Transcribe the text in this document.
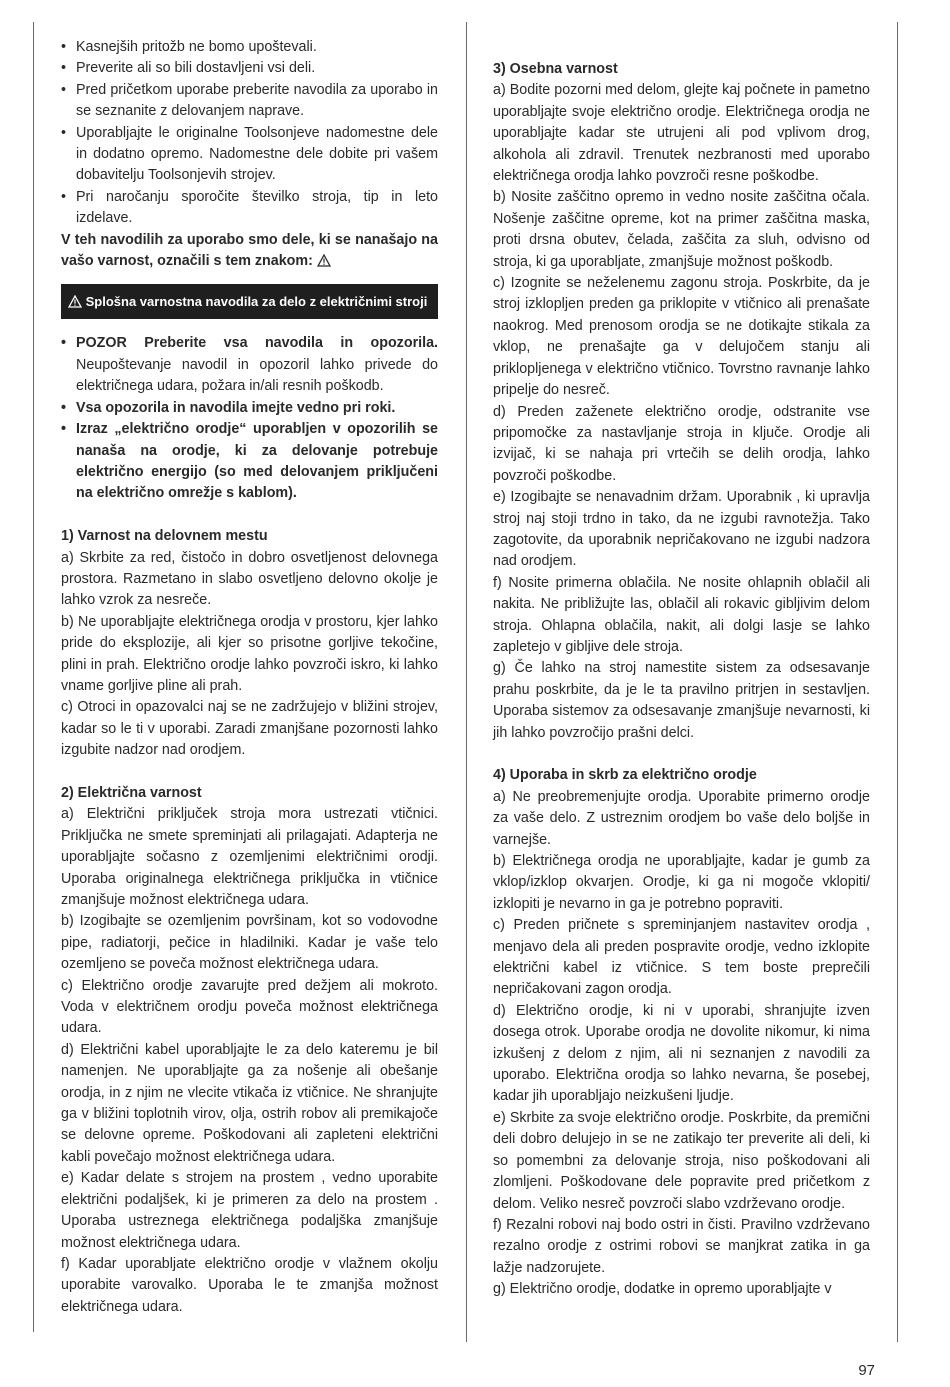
• Kasnejših pritožb ne bomo upoštevali.
• Preverite ali so bili dostavljeni vsi deli.
• Pred pričetkom uporabe preberite navodila za uporabo in se seznanite z delovanjem naprave.
• Uporabljajte le originalne Toolsonjeve nadomestne dele in dodatno opremo. Nadomestne dele dobite pri vašem dobavitelju Toolsonjevih strojev.
• Pri naročanju sporočite številko stroja, tip in leto izdelave.

V teh navodilih za uporabo smo dele, ki se nanašajo na vašo varnost, označili s tem znakom:

Splošna varnostna navodila za delo z električnimi stroji
• POZOR Preberite vsa navodila in opozorila. Neupoštevanje navodil in opozoril lahko privede do električnega udara, požara in/ali resnih poškodb.
• Vsa opozorila in navodila imejte vedno pri roki.
• Izraz „električno orodje“ uporabljen v opozorilih se nanaša na orodje, ki za delovanje potrebuje električno energijo (so med delovanjem priključeni na električno omrežje s kablom).

1) Varnost na delovnem mestu

a) Skrbite za red, čistočo in dobro osvetljenost delovnega prostora. Razmetano in slabo osvetljeno delovno okolje je lahko vzrok za nesreče.

b) Ne uporabljajte električnega orodja v prostoru, kjer lahko pride do eksplozije, ali kjer so prisotne gorljive tekočine, plini in prah. Električno orodje lahko povzroči iskro, ki lahko vname gorljive pline ali prah.

c) Otroci in opazovalci naj se ne zadržujejo v bližini strojev, kadar so le ti v uporabi. Zaradi zmanjšane pozornosti lahko izgubite nadzor nad orodjem.

2) Električna varnost

a) Električni priključek stroja mora ustrezati vtičnici. Priključka ne smete spreminjati ali prilagajati. Adapterja ne uporabljajte sočasno z ozemljenimi električnimi orodji. Uporaba originalnega električnega priključka in vtičnice zmanjšuje možnost električnega udara.

b) Izogibajte se ozemljenim površinam, kot so vodovodne pipe, radiatorji, pečice in hladilniki. Kadar je vaše telo ozemljeno se poveča možnost električnega udara.

c) Električno orodje zavarujte pred dežjem ali mokroto. Voda v električnem orodju poveča možnost električnega udara.

d) Električni kabel uporabljajte le za delo kateremu je bil namenjen. Ne uporabljajte ga za nošenje ali obešanje orodja, in z njim ne vlecite vtikača iz vtičnice. Ne shranjujte ga v bližini toplotnih virov, olja, ostrih robov ali premikajoče se delovne opreme. Poškodovani ali zapleteni električni kabli povečajo možnost električnega udara.

e) Kadar delate s strojem na prostem , vedno uporabite električni podaljšek, ki je primeren za delo na prostem . Uporaba ustreznega električnega podaljška zmanjšuje možnost električnega udara.

f) Kadar uporabljate električno orodje v vlažnem okolju uporabite varovalko. Uporaba le te zmanjša možnost električnega udara.

3) Osebna varnost

a) Bodite pozorni med delom, glejte kaj počnete in pametno uporabljajte svoje električno orodje. Električnega orodja ne uporabljajte kadar ste utrujeni ali pod vplivom drog, alkohola ali zdravil. Trenutek nezbranosti med uporabo električnega orodja lahko povzroči resne poškodbe.

b) Nosite zaščitno opremo in vedno nosite zaščitna očala. Nošenje zaščitne opreme, kot na primer zaščitna maska, proti drsna obutev, čelada, zaščita za sluh, odvisno od stroja, ki ga uporabljate, zmanjšuje možnost poškodb.

c) Izognite se neželenemu zagonu stroja. Poskrbite, da je stroj izklopljen preden ga priklopite v vtičnico ali prenašate naokrog. Med prenosom orodja se ne dotikajte stikala za vklop, ne prenašajte ga v delujočem stanju ali priklopljenega v električno vtičnico. Tovrstno ravnanje lahko pripelje do nesreč.

d) Preden zaženete električno orodje, odstranite vse pripomočke za nastavljanje stroja in ključe. Orodje ali izvijač, ki se nahaja pri vrtečih se delih orodja, lahko povzroči poškodbe.

e) Izogibajte se nenavadnim držam. Uporabnik , ki upravlja stroj naj stoji trdno in tako, da ne izgubi ravnotežja. Tako zagotovite, da uporabnik nepričakovano ne izgubi nadzora nad orodjem.

f) Nosite primerna oblačila. Ne nosite ohlapnih oblačil ali nakita. Ne približujte las, oblačil ali rokavic gibljivim delom stroja. Ohlapna oblačila, nakit, ali dolgi lasje se lahko zapletejo v gibljive dele stroja.

g) Če lahko na stroj namestite sistem za odsesavanje prahu poskrbite, da je le ta pravilno pritrjen in sestavljen. Uporaba sistemov za odsesavanje zmanjšuje nevarnosti, ki jih lahko povzročijo prašni delci.

4) Uporaba in skrb za električno orodje

a) Ne preobremenjujte orodja. Uporabite primerno orodje za vaše delo. Z ustreznim orodjem bo vaše delo boljše in varnejše.

b) Električnega orodja ne uporabljajte, kadar je gumb za vklop/izklop okvarjen. Orodje, ki ga ni mogoče vklopiti/ izklopiti je nevarno in ga je potrebno popraviti.

c) Preden pričnete s spreminjanjem nastavitev orodja , menjavo dela ali preden pospravite orodje, vedno izklopite električni kabel iz vtičnice. S tem boste preprečili nepričakovani zagon orodja.

d) Električno orodje, ki ni v uporabi, shranjujte izven dosega otrok. Uporabe orodja ne dovolite nikomur, ki nima izkušenj z delom z njim, ali ni seznanjen z navodili za uporabo. Električna orodja so lahko nevarna, še posebej, kadar jih uporabljajo neizkušeni ljudje.

e) Skrbite za svoje električno orodje. Poskrbite, da premični deli dobro delujejo in se ne zatikajo ter preverite ali deli, ki so pomembni za delovanje stroja, niso poškodovani ali zlomljeni. Poškodovane dele popravite pred pričetkom z delom. Veliko nesreč povzroči slabo vzdrževano orodje.

f) Rezalni robovi naj bodo ostri in čisti. Pravilno vzdrževano rezalno orodje z ostrimi robovi se manjkrat zatika in ga lažje nadzorujete.

g) Električno orodje, dodatke in opremo uporabljajte v

97
